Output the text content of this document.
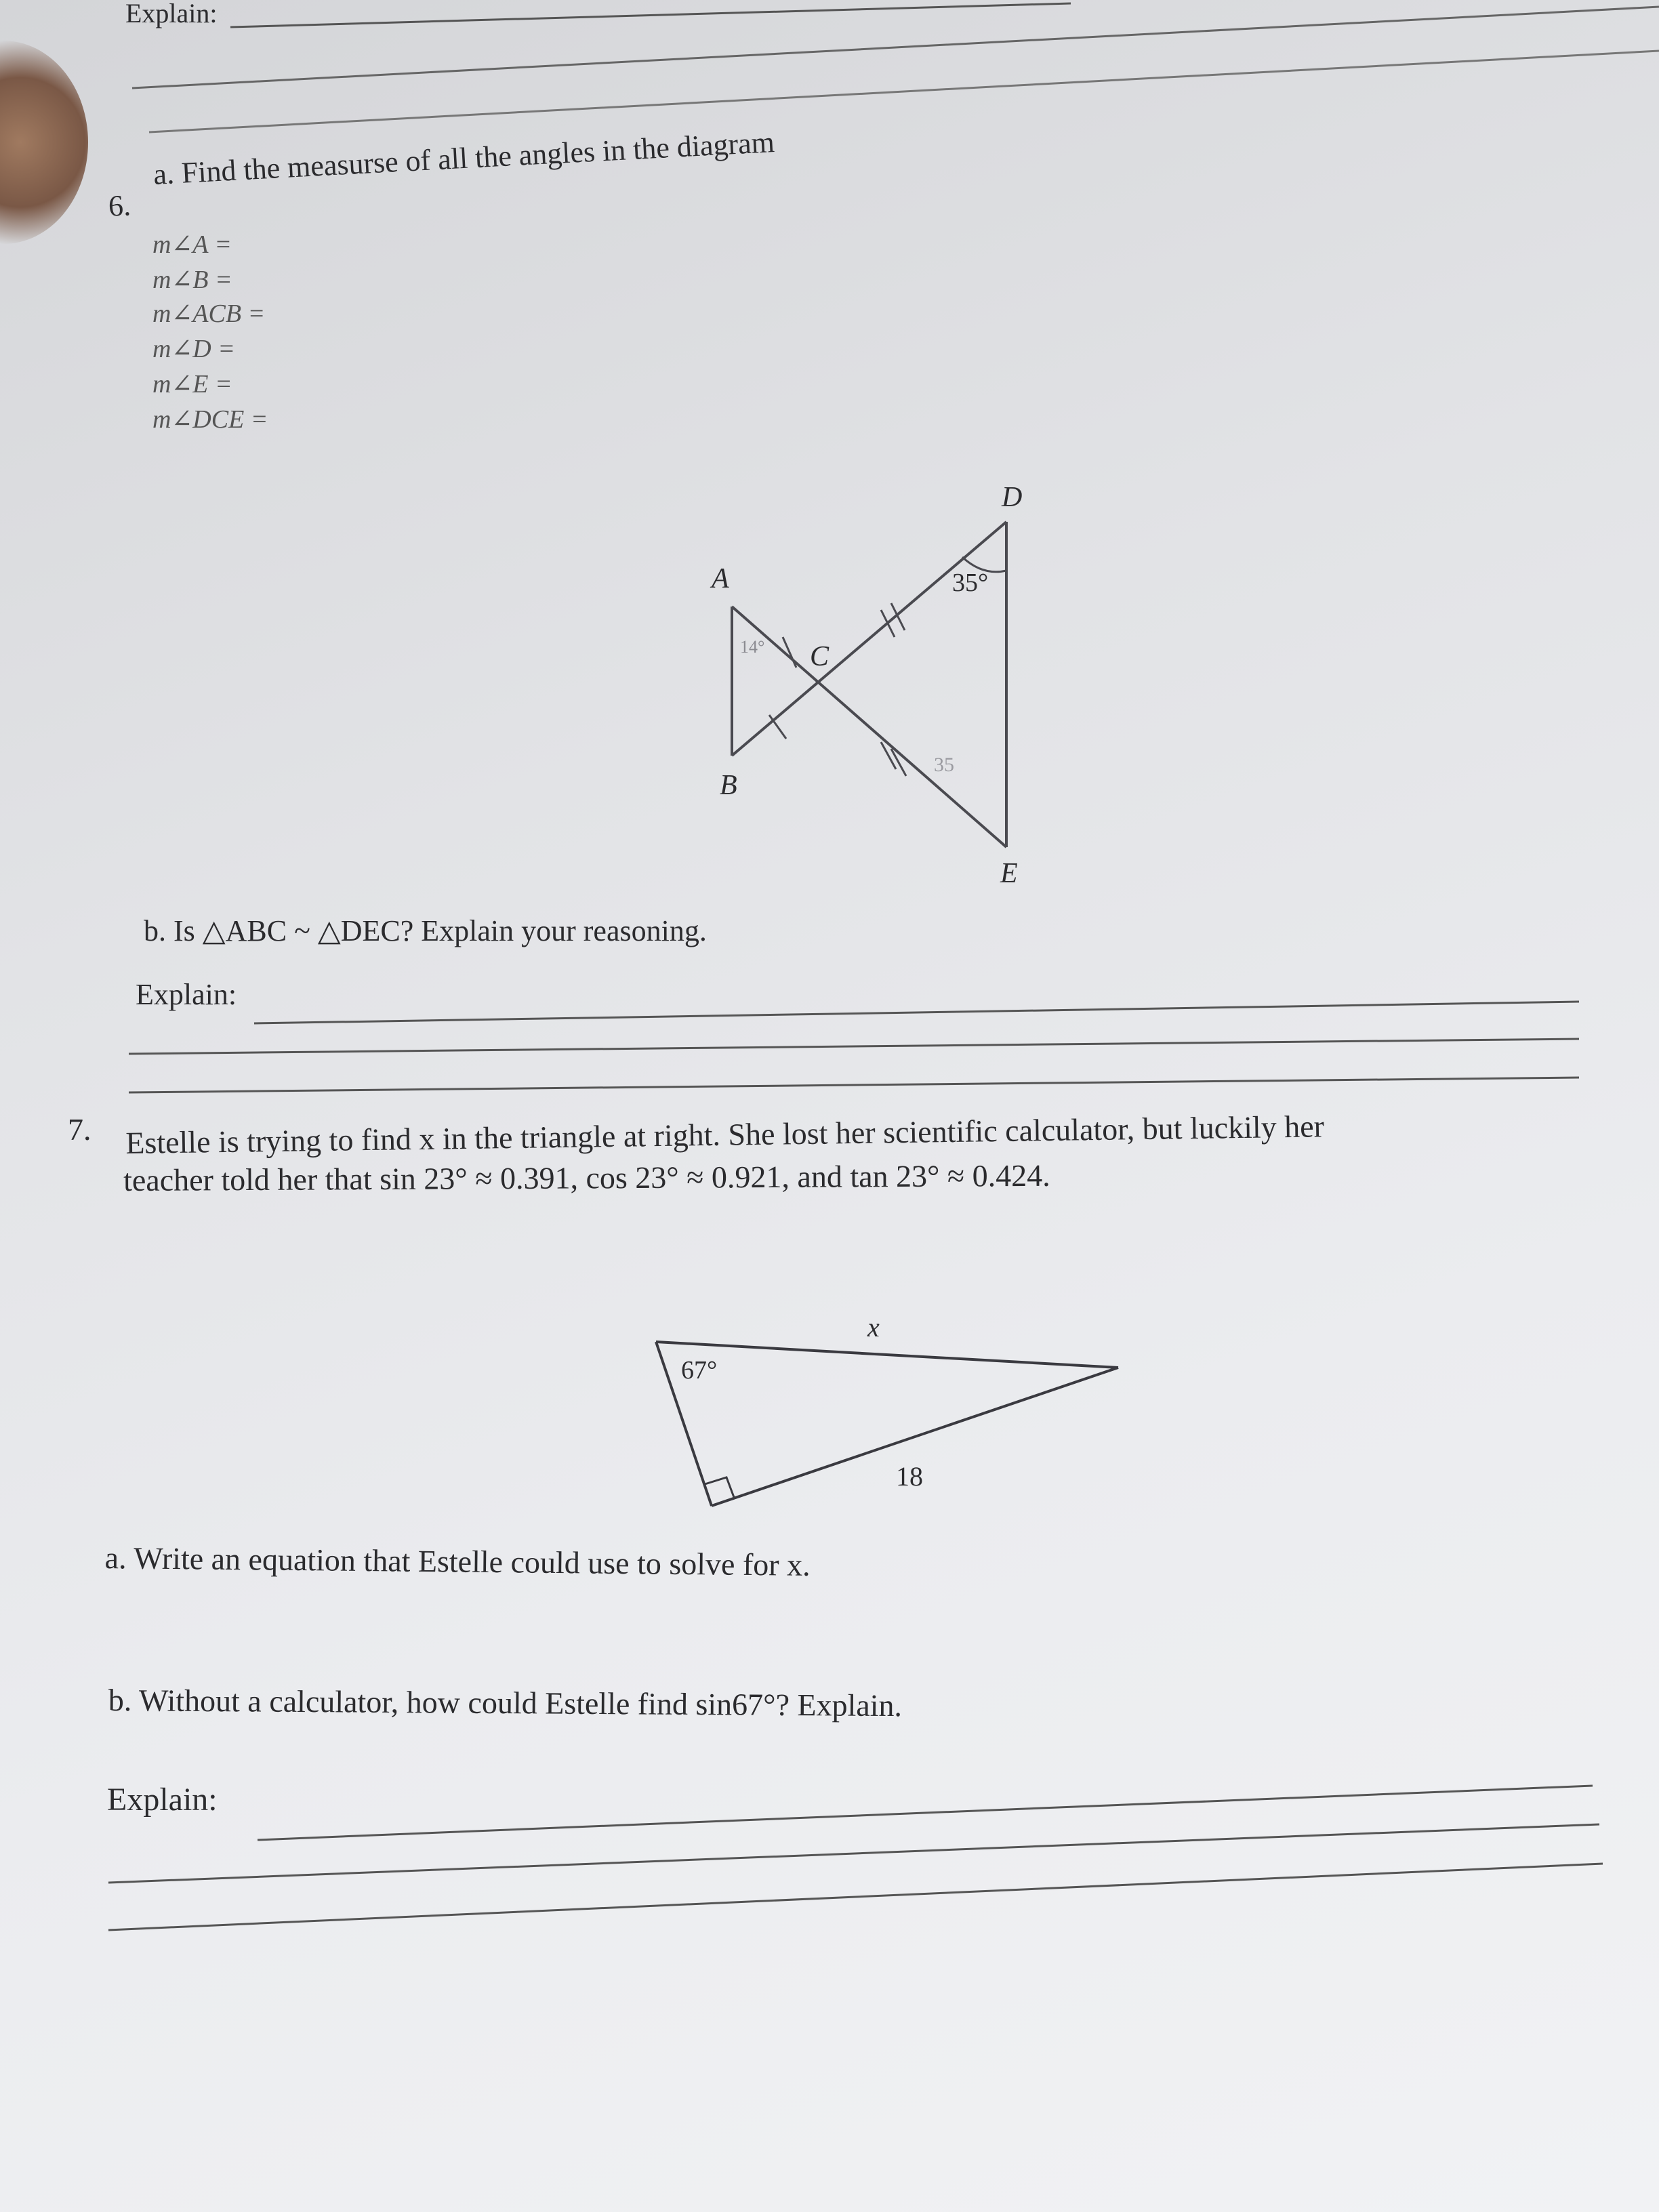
Explain:
6.
a. Find the measurse of all the angles in the diagram
m∠A =
m∠B =
m∠ACB =
m∠D =
m∠E =
m∠DCE =
A
B
C
D
E
35°
14°
35
b. Is △ABC ~ △DEC? Explain your reasoning.
Explain:
7. Estelle is trying to find x in the triangle at right. She lost her scientific calculator, but luckily her
teacher told her that sin 23° ≈ 0.391, cos 23° ≈ 0.921, and tan 23° ≈ 0.424.
x
67°
18
a. Write an equation that Estelle could use to solve for x.
b. Without a calculator, how could Estelle find sin67°? Explain.
Explain:
